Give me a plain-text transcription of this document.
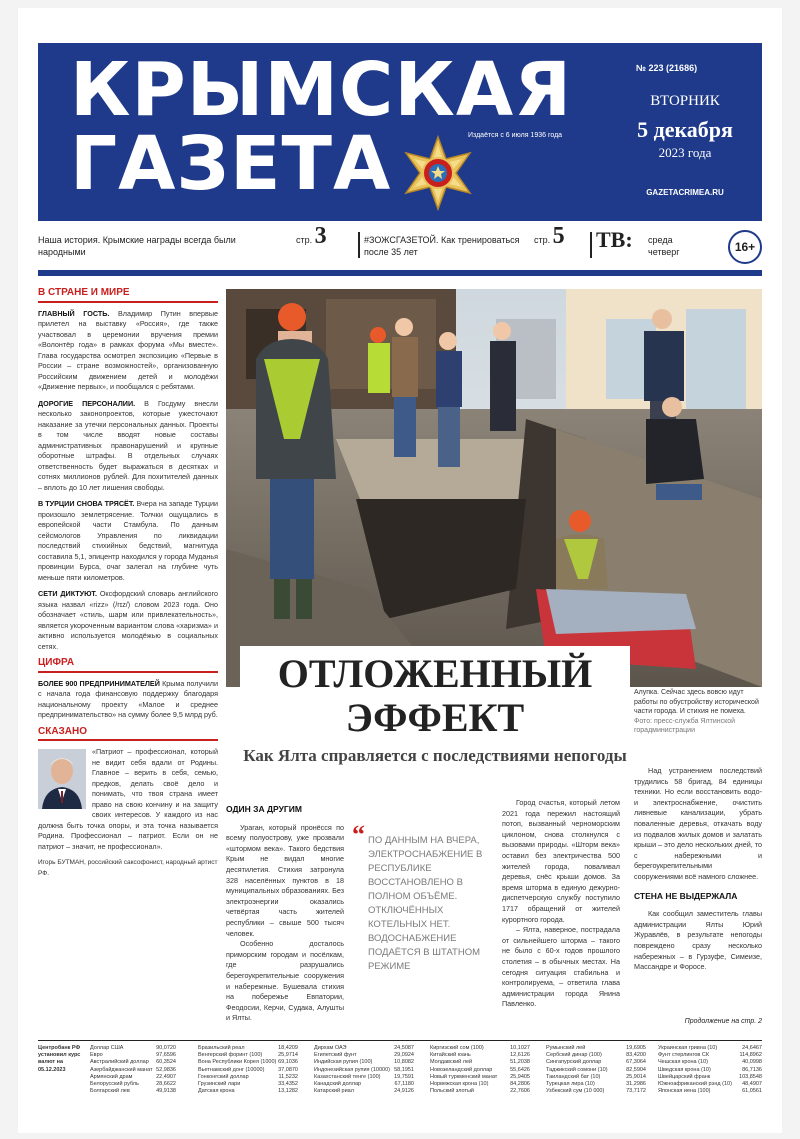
КРЫМСКАЯ
ГАЗЕТА	Издаётся с 6 июля 1936 года
№ 223 (21686)
ВТОРНИК
5 декабря
2023 года
GAZETACRIMEA.RU
Наша история. Крымские награды всегда были народными
стр. 3	#ЗОЖСГАЗЕТОЙ. Как тренироваться после 35 лет
стр. 5 ТВ: среда четверг	16+
В СТРАНЕ И МИРЕ

ГЛАВНЫЙ ГОСТЬ. Владимир Путин впервые прилетел на выставку «Россия», где также участвовал в церемонии вручения премии «Волонтёр года» в рамках форума «Мы вместе». Глава государства осмотрел экспозицию «Первые в России – стране возможностей», организованную Российским движением детей и молодёжи «Движение первых», и пообщался с ребятами.

ДОРОГИЕ ПЕРСОНАЛИИ. В Госдуму внесли несколько законопроектов, которые ужесточают наказание за утечки персональных данных. Проекты в том числе вводят новые составы административных правонарушений и крупные оборотные штрафы. В отдельных случаях ответственность будет выражаться в десятках и сотнях миллионов рублей. Для похитителей данных – вплоть до 10 лет лишения свободы.

В ТУРЦИИ СНОВА ТРЯСЁТ. Вчера на западе Турции произошло землетрясение. Толчки ощущались в европейской части Стамбула. По данным сейсмологов Управления по ликвидации последствий стихийных бедствий, магнитуда составила 5,1, эпицентр находился у города Муданья провинции Бурса, очаг залегал на глубине чуть меньше пяти километров.

СЕТИ ДИКТУЮТ. Оксфордский словарь английского языка назвал «rizz» (/rɪz/) словом 2023 года. Оно обозначает «стиль, шарм или привлекательность», является укороченным вариантом слова «харизма» и активно используется молодёжью в социальных сетях.

ЦИФРА

БОЛЕЕ 900 ПРЕДПРИНИМАТЕЛЕЙ Крыма получили с начала года финансовую поддержку благодаря национальному проекту «Малое и среднее предпринимательство» на сумму более 9,5 млрд руб.

СКАЗАНО
«Патриот – профессионал, который не видит себя вдали от Родины. Главное – верить в себя, семью, предков, делать своё дело и понимать, что твоя страна имеет право на свою кончину и на защиту своих интересов. У каждого из нас должна быть точка опоры, и эта точка называется Родина. Профессионал – патриот. Если он не патриот – значит, не профессионал».
Игорь БУТМАН, российский саксофонист, народный артист РФ.
ОТЛОЖЕННЫЙ
ЭФФЕКТ
Как Ялта справляется с последствиями непогоды
Алупка. Сейчас здесь вовсю идут работы по обустройству исторической части города. И стихия не помеха.
Фото: пресс-служба Ялтинской горадминистрации
ОДИН ЗА ДРУГИМ

Ураган, который пронёсся по всему полуострову, уже прозвали «штормом века». Такого бедствия Крым не видал многие десятилетия. Стихия затронула 328 населённых пунктов в 18 муниципальных образованиях. Без электроэнергии оказались четвёртая часть жителей республики – свыше 500 тысяч человек.

Особенно досталось приморским городам и посёлкам, где разрушались берегоукрепительные сооружения и набережные. Бушевала стихия на побережье Евпатории, Феодосии, Керчи, Судака, Алушты и Ялты.

“ ПО ДАННЫМ НА ВЧЕРА, ЭЛЕКТРОСНАБЖЕНИЕ В РЕСПУБЛИКЕ ВОССТАНОВЛЕНО В ПОЛНОМ ОБЪЁМЕ. ОТКЛЮЧЁННЫХ КОТЕЛЬНЫХ НЕТ. ВОДОСНАБЖЕНИЕ ПОДАЁТСЯ В ШТАТНОМ РЕЖИМЕ

Город счастья, который летом 2021 года пережил настоящий потоп, вызванный черноморским циклоном, снова столкнулся с вызовами природы. «Шторм века» оставил без электричества 500 жителей города, поваливал деревья, снёс крыши домов. За время шторма в единую дежурно-диспетчерскую службу поступило 1717 обращений от жителей курортного города.

– Ялта, наверное, пострадала от сильнейшего шторма – такого не было с 60-х годов прошлого столетия – в обычных местах. На сегодня ситуация стабильна и контролируема, – ответила глава администрации города Янина Павленко.

Над устранением последствий трудились 58 бригад, 84 единицы техники. Но если восстановить водо- и электроснабжение, очистить ливневые канализации, убрать поваленные деревья, откачать воду из подвалов жилых домов и залатать крыши – это дело нескольких дней, то с набережными и берегоукрепительными сооружениями всё намного сложнее.

СТЕНА НЕ ВЫДЕРЖАЛА

Как сообщил заместитель главы администрации Ялты Юрий Журавлёв, в результате непогоды повреждено сразу несколько набережных – в Гурзуфе, Симеизе, Массандре и Форосе.

Продолжение на стр. 2
Центробанк РФ установил курс валют на 05.12.2023
Доллар США	90,0720
Евро	97,6596
Австралийский доллар 60,3524
Азербайджанский манат 52,9836
Армянский драм	22,4907
Белорусский рубль	28,6622
Болгарский лев	49,9138
Бразильский реал	18,4209
Венгерский форинт (100)	25,9714
Вона Республики Корея (1000) 69,1036
Вьетнамский донг (10000) 37,0870
Гонконгский доллар	11,5232
Грузинский лари	33,4352
Датская крона	13,1282
Дирхам ОАЭ	24,5087
Египетский фунт	29,0924
Индийская рупия (100)	10,8082
Индонезийская рупия (10000) 58,1951
Казахстанский тенге (100) 19,7591
Канадский доллар	67,1180
Катарский риал	24,9126
Киргизский сом (100)	10,1027
Китайский юань	12,6126
Молдавский лей	51,2038
Новозеландский доллар	55,6426
Новый туркменский манат 25,9405
Норвежская крона (10)	84,2806
Польский злотый	22,7606
Румынский лей	19,6905
Сербский динар (100)	83,4200
Сингапурский доллар	67,3064
Таджикский сомони (10)	82,5904
Таиландский бат (10)	25,9014
Турецкая лира (10)	31,2986
Узбекский сум (10 000)	73,7172
Украинская гривна (10)	24,6467
Фунт стерлингов СК	114,8962
Чешская крона (10)	40,0998
Шведская крона (10)	86,7136
Швейцарский франк	103,8548
Южноафриканский рэнд (10) 48,4907
Японская иена (100)	61,0561
